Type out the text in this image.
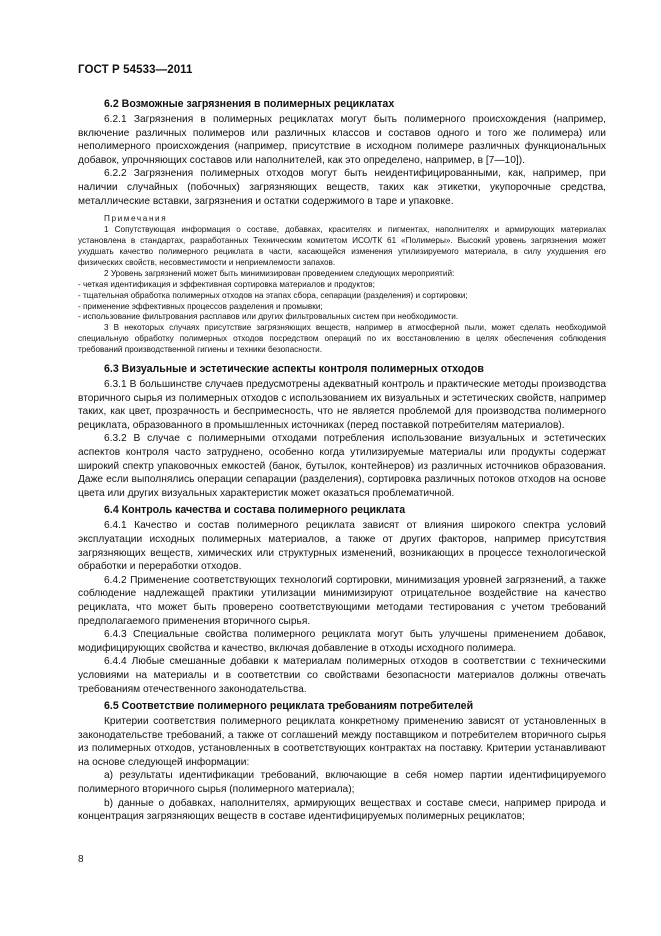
ГОСТ Р 54533—2011
6.2 Возможные загрязнения в полимерных рециклатах

6.2.1 Загрязнения в полимерных рециклатах могут быть полимерного происхождения (например, включение различных полимеров или различных классов и составов одного и того же полимера) или неполимерного происхождения (например, присутствие в исходном полимере различных функциональных добавок, упрочняющих составов или наполнителей, как это определено, например, в [7—10]).

6.2.2 Загрязнения полимерных отходов могут быть неидентифицированными, как, например, при наличии случайных (побочных) загрязняющих веществ, таких как этикетки, укупорочные средства, металлические вставки, загрязнения и остатки содержимого в таре и упаковке.

Примечания

1 Сопутствующая информация о составе, добавках, красителях и пигментах, наполнителях и армирующих материалах установлена в стандартах, разработанных Техническим комитетом ИСО/ТК 61 «Полимеры». Высокий уровень загрязнения может ухудшать качество полимерного рециклата в части, касающейся изменения утилизируемого материала, в силу ухудшения его физических свойств, несовместимости и неприемлемости запахов.

2 Уровень загрязнений может быть минимизирован проведением следующих мероприятий:

- четкая идентификация и эффективная сортировка материалов и продуктов;

- тщательная обработка полимерных отходов на этапах сбора, сепарации (разделения) и сортировки;

- применение эффективных процессов разделения и промывки;

- использование фильтрования расплавов или других фильтровальных систем при необходимости.

3 В некоторых случаях присутствие загрязняющих веществ, например в атмосферной пыли, может сделать необходимой специальную обработку полимерных отходов посредством операций по их восстановлению в целях обеспечения соблюдения требований производственной гигиены и техники безопасности.

6.3 Визуальные и эстетические аспекты контроля полимерных отходов

6.3.1 В большинстве случаев предусмотрены адекватный контроль и практические методы производства вторичного сырья из полимерных отходов с использованием их визуальных и эстетических свойств, например таких, как цвет, прозрачность и беспримесность, что не является проблемой для производства полимерного рециклата, образованного в промышленных источниках (перед поставкой потребителям материалов).

6.3.2 В случае с полимерными отходами потребления использование визуальных и эстетических аспектов контроля часто затруднено, особенно когда утилизируемые материалы или продукты содержат широкий спектр упаковочных емкостей (банок, бутылок, контейнеров) из различных источников образования. Даже если выполнялись операции сепарации (разделения), сортировка различных потоков отходов на основе цвета или других визуальных характеристик может оказаться проблематичной.

6.4 Контроль качества и состава полимерного рециклата

6.4.1 Качество и состав полимерного рециклата зависят от влияния широкого спектра условий эксплуатации исходных полимерных материалов, а также от других факторов, например присутствия загрязняющих веществ, химических или структурных изменений, возникающих в процессе технологической обработки и переработки отходов.

6.4.2 Применение соответствующих технологий сортировки, минимизация уровней загрязнений, а также соблюдение надлежащей практики утилизации минимизируют отрицательное воздействие на качество рециклата, что может быть проверено соответствующими методами тестирования с учетом требований предполагаемого применения вторичного сырья.

6.4.3 Специальные свойства полимерного рециклата могут быть улучшены применением добавок, модифицирующих свойства и качество, включая добавление в отходы исходного полимера.

6.4.4 Любые смешанные добавки к материалам полимерных отходов в соответствии с техническими условиями на материалы и в соответствии со свойствами безопасности материалов должны отвечать требованиям отечественного законодательства.

6.5 Соответствие полимерного рециклата требованиям потребителей

Критерии соответствия полимерного рециклата конкретному применению зависят от установленных в законодательстве требований, а также от соглашений между поставщиком и потребителем вторичного сырья из полимерных отходов, установленных в соответствующих контрактах на поставку. Критерии устанавливают на основе следующей информации:

а) результаты идентификации требований, включающие в себя номер партии идентифицируемого полимерного вторичного сырья (полимерного материала);

b) данные о добавках, наполнителях, армирующих веществах и составе смеси, например природа и концентрация загрязняющих веществ в составе идентифицируемых полимерных рециклатов;

8
